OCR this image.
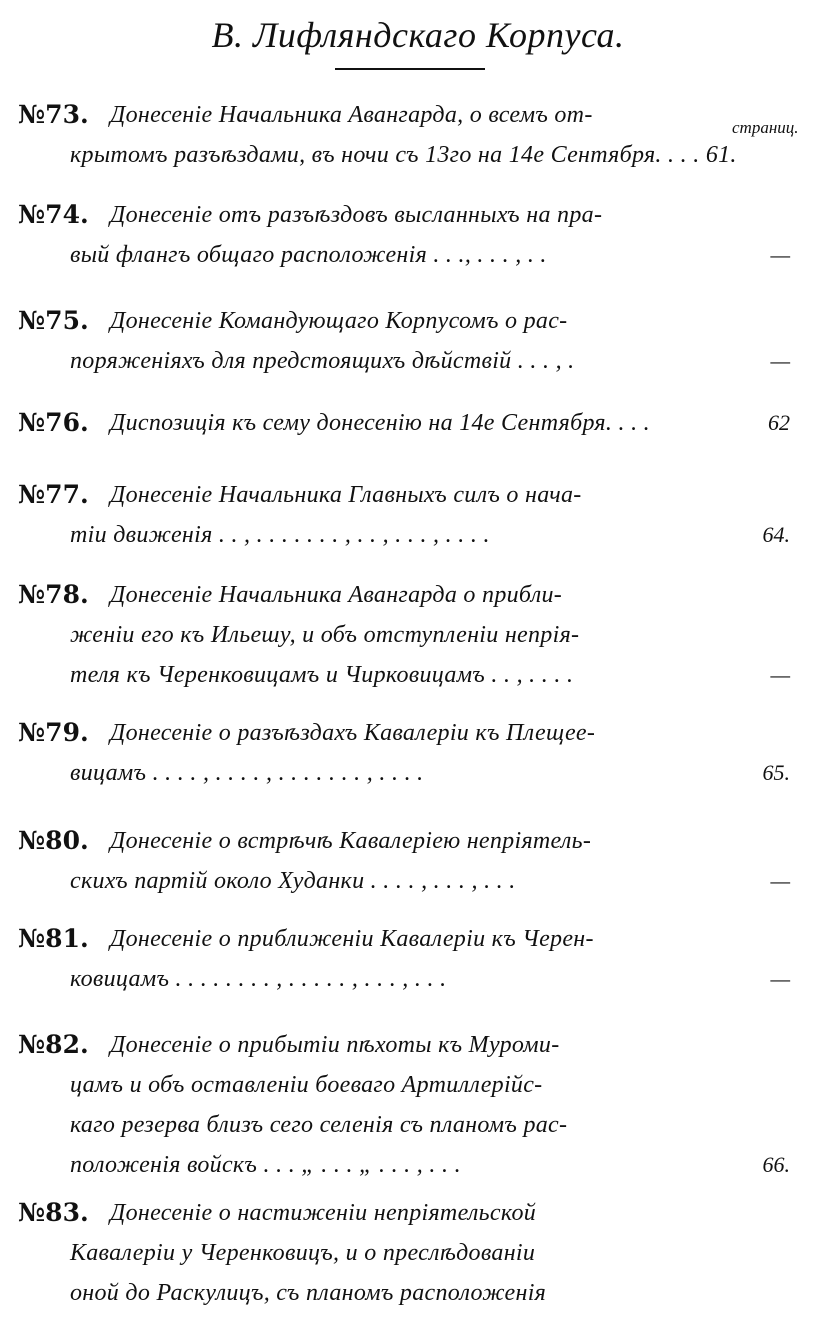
В. Лифляндскаго Корпуса.
№73. Донесеніе Начальника Авангарда, о всемъ от-
крытомъ разъѣздами, въ ночи съ 13го на 14е Сентября. . . . 61.
№74. Донесеніе отъ разъѣздовъ высланныхъ на пра-
вый флангъ общаго расположенія . . ., . . . , . .	—
№75. Донесеніе Командующаго Корпусомъ о рас-
поряженіяхъ для предстоящихъ дѣйствій . . . , .	—
№76. Диспозиція къ сему донесенію на 14е Сентября. . . .	62
№77. Донесеніе Начальника Главныхъ силъ о нача-
тіи движенія . . , . . . . . . . , . . , . . . , . . . .	64.
№78. Донесеніе Начальника Авангарда о прибли-
женіи его къ Ильешу, и объ отступленіи непрія-
теля къ Черенковицамъ и Чирковицамъ . . , . . . .	—
№79. Донесеніе о разъѣздахъ Кавалеріи къ Плещеe-
вицамъ . . . . , . . . . , . . . . . . . , . . . .	65.
№80. Донесеніе о встрѣчѣ Кавалеріею непріятель-
скихъ партій около Худанки . . . . , . . . , . . .	—
№81. Донесеніе о приближеніи Кавалеріи къ Черен-
ковицамъ . . . . . . . . , . . . . . , . . . , . . .	—
№82. Донесеніе о прибытіи пѣхоты къ Муроми-
цамъ и объ оставленіи боеваго Артиллерійс-
каго резерва близъ сего селенія съ планомъ рас-
положенія войскъ . . . „ . . . „ . . . , . . .	66.
№83. Донесеніе о настиженіи непріятельской
Кавалеріи у Черенковицъ, и о преслѣдованіи
оной до Раскулицъ, съ планомъ расположенія
страниц.
